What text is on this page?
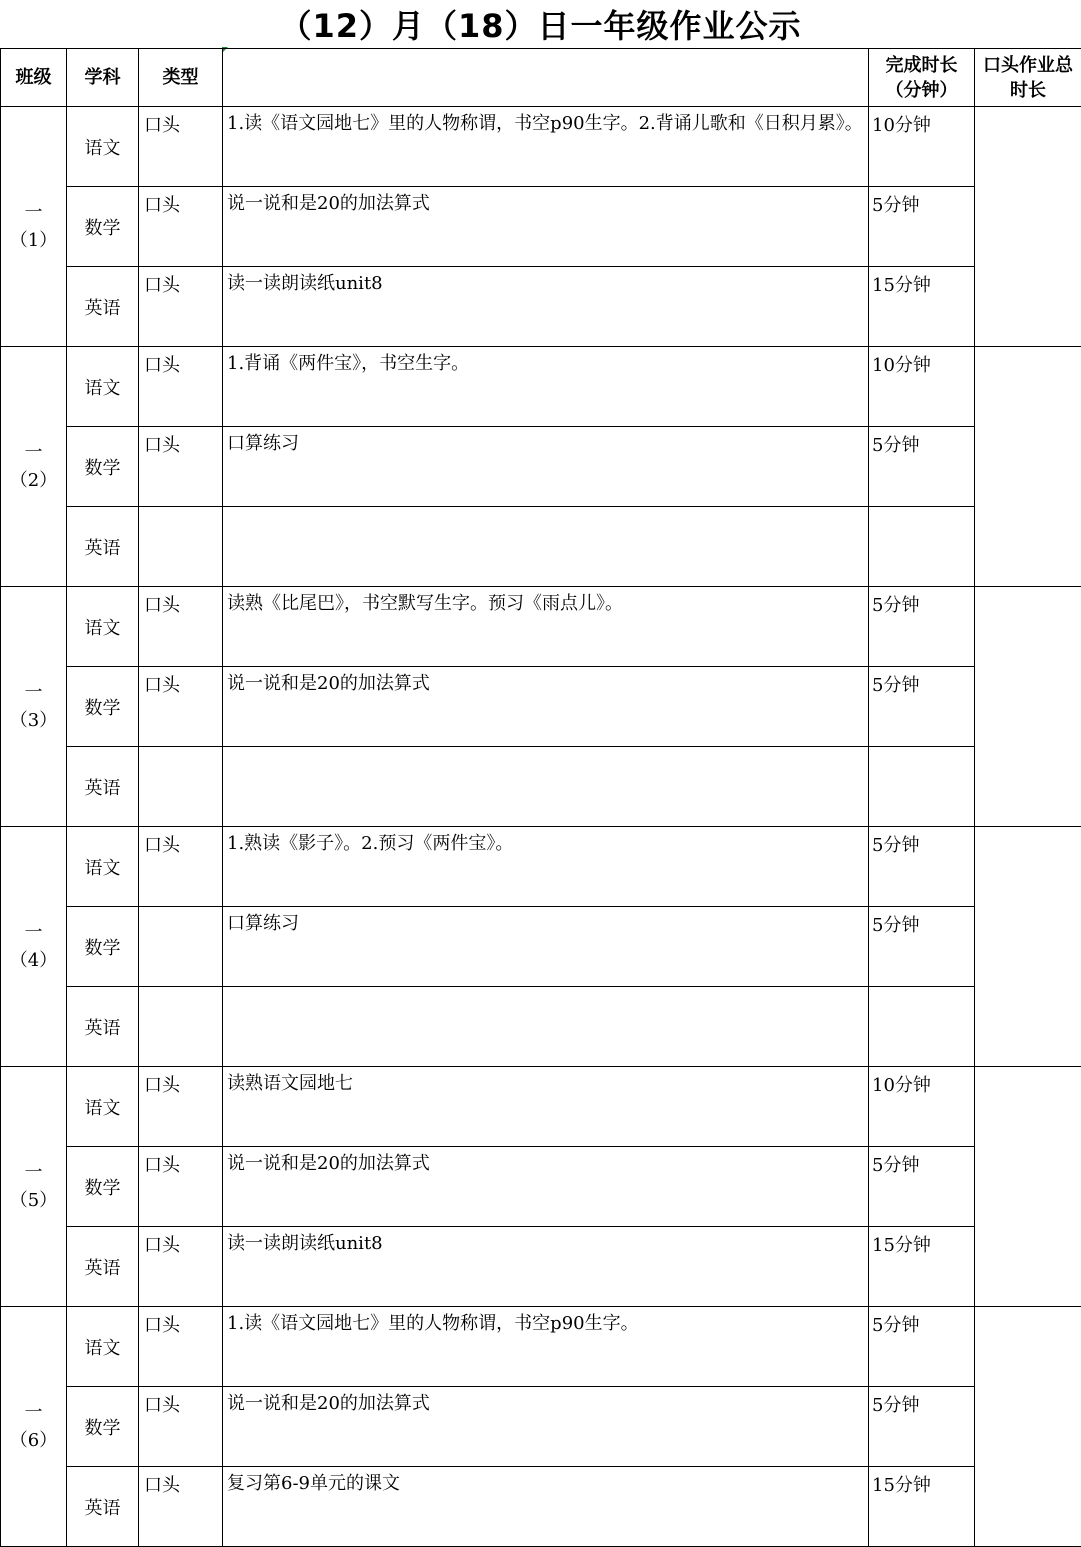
（12）月（18）日一年级作业公示
班级	学科	类型		完成时长（分钟）	口头作业总时长

一
（1）	语文	口头	1.读《语文园地七》里的人物称谓，书空p90生字。2.背诵儿歌和《日积月累》。	10分钟	
	数学	口头	说一说和是20的加法算式	5分钟	
	英语	口头	读一读朗读纸unit8	15分钟	

一
（2）	语文	口头	1.背诵《两件宝》，书空生字。	10分钟	
	数学	口头	口算练习	5分钟	
	英语				

一
（3）	语文	口头	读熟《比尾巴》，书空默写生字。预习《雨点儿》。	5分钟	
	数学	口头	说一说和是20的加法算式	5分钟	
	英语				

一
（4）	语文	口头	1.熟读《影子》。2.预习《两件宝》。	5分钟	
	数学		口算练习	5分钟	
	英语				

一
（5）	语文	口头	读熟语文园地七	10分钟	
	数学	口头	说一说和是20的加法算式	5分钟	
	英语	口头	读一读朗读纸unit8	15分钟	

一
（6）	语文	口头	1.读《语文园地七》里的人物称谓，书空p90生字。	5分钟	
	数学	口头	说一说和是20的加法算式	5分钟	
	英语	口头	复习第6-9单元的课文	15分钟	
